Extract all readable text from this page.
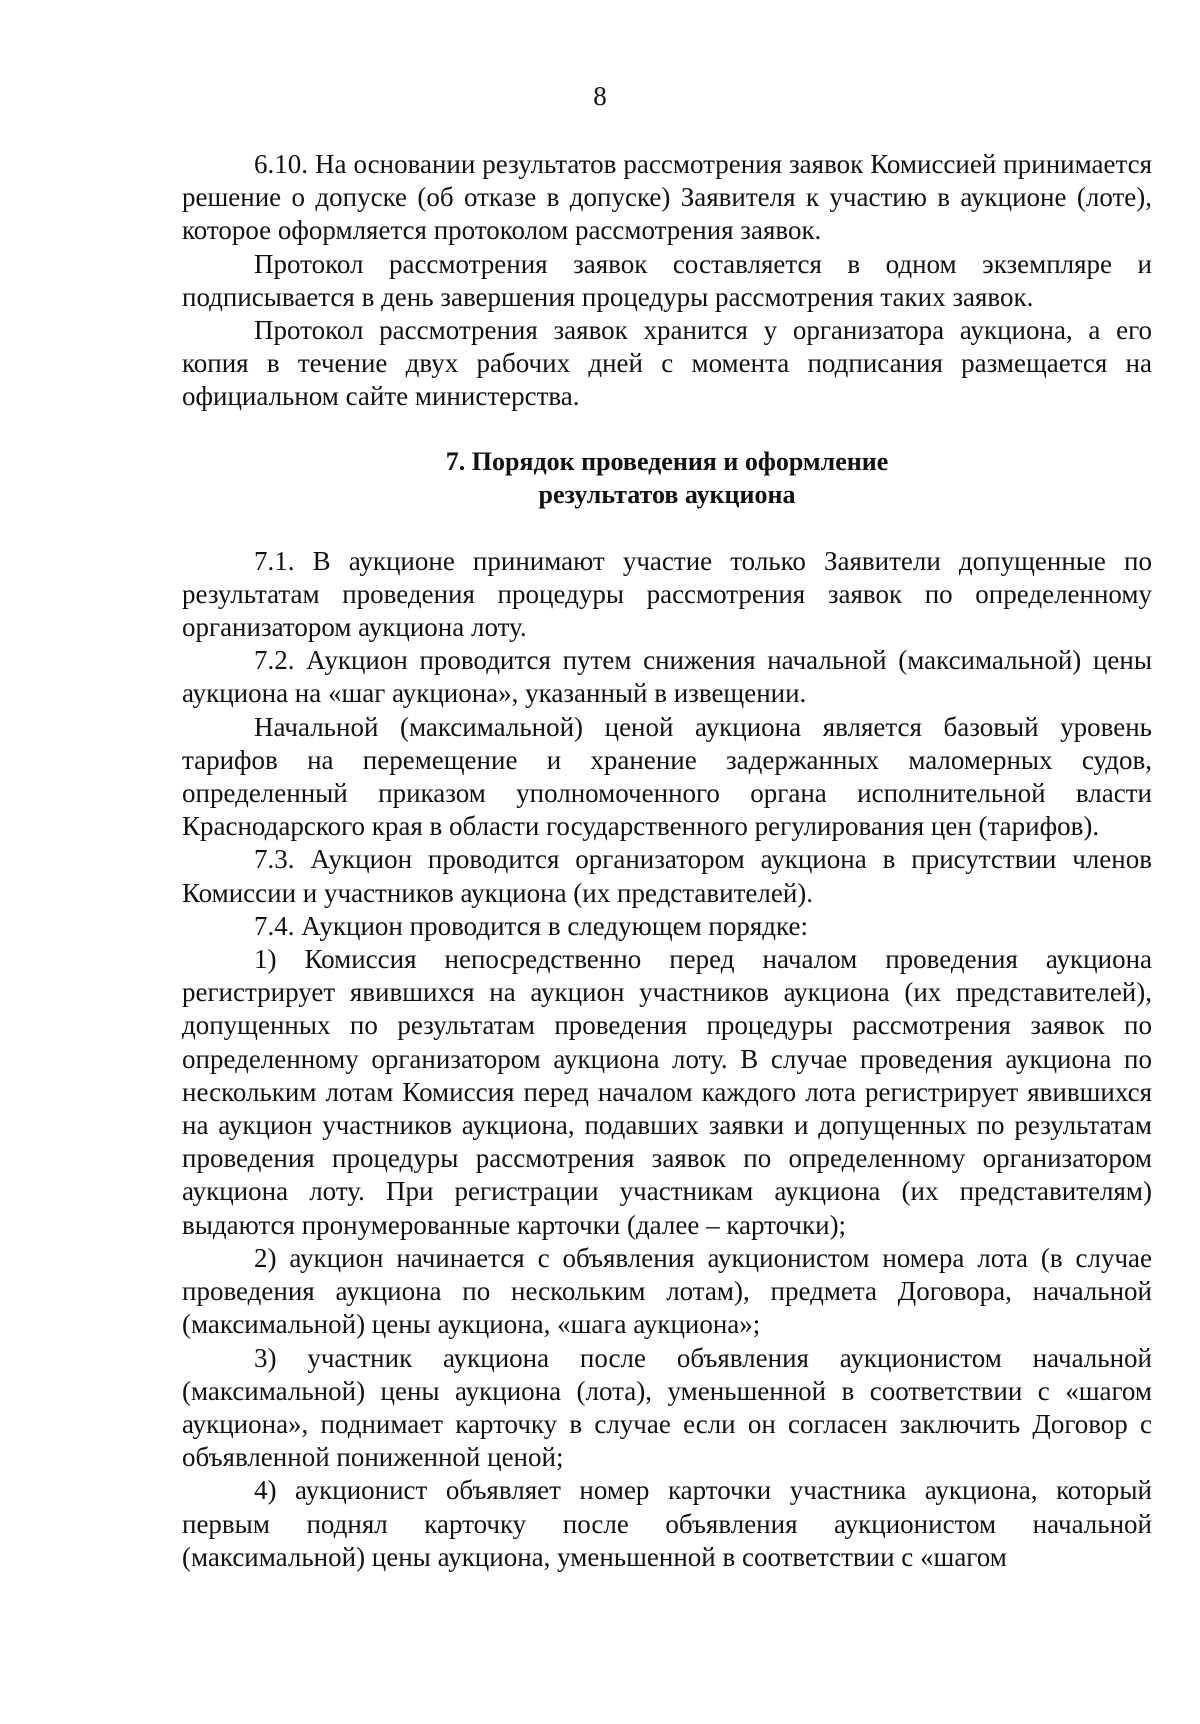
8

6.10. На основании результатов рассмотрения заявок Комиссией принимается решение о допуске (об отказе в допуске) Заявителя к участию в аукционе (лоте), которое оформляется протоколом рассмотрения заявок.

Протокол рассмотрения заявок составляется в одном экземпляре и подписывается в день завершения процедуры рассмотрения таких заявок.

Протокол рассмотрения заявок хранится у организатора аукциона, а его копия в течение двух рабочих дней с момента подписания размещается на официальном сайте министерства.

7. Порядок проведения и оформление
результатов аукциона

7.1. В аукционе принимают участие только Заявители допущенные по результатам проведения процедуры рассмотрения заявок по определенному организатором аукциона лоту.

7.2. Аукцион проводится путем снижения начальной (максимальной) цены аукциона на «шаг аукциона», указанный в извещении.

Начальной (максимальной) ценой аукциона является базовый уровень тарифов на перемещение и хранение задержанных маломерных судов, определенный приказом уполномоченного органа исполнительной власти Краснодарского края в области государственного регулирования цен (тарифов).

7.3. Аукцион проводится организатором аукциона в присутствии членов Комиссии и участников аукциона (их представителей).

7.4. Аукцион проводится в следующем порядке:

1) Комиссия непосредственно перед началом проведения аукциона регистрирует явившихся на аукцион участников аукциона (их представителей), допущенных по результатам проведения процедуры рассмотрения заявок по определенному организатором аукциона лоту. В случае проведения аукциона по нескольким лотам Комиссия перед началом каждого лота регистрирует явившихся на аукцион участников аукциона, подавших заявки и допущенных по результатам проведения процедуры рассмотрения заявок по определенному организатором аукциона лоту. При регистрации участникам аукциона (их представителям) выдаются пронумерованные карточки (далее – карточки);

2) аукцион начинается с объявления аукционистом номера лота (в случае проведения аукциона по нескольким лотам), предмета Договора, начальной (максимальной) цены аукциона, «шага аукциона»;

3) участник аукциона после объявления аукционистом начальной (максимальной) цены аукциона (лота), уменьшенной в соответствии с «шагом аукциона», поднимает карточку в случае если он согласен заключить Договор с объявленной пониженной ценой;

4) аукционист объявляет номер карточки участника аукциона, который первым поднял карточку после объявления аукционистом начальной (максимальной) цены аукциона, уменьшенной в соответствии с «шагом
